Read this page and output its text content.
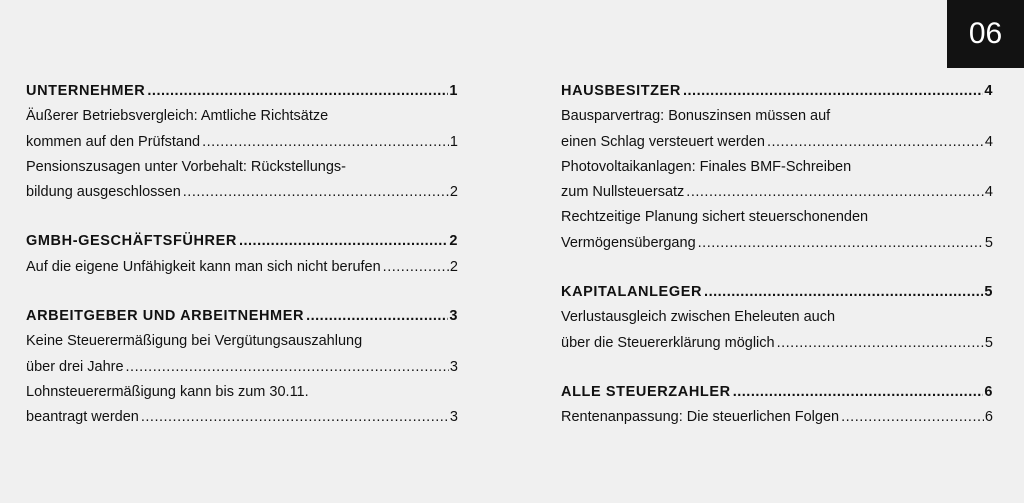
06
UNTERNEHMER .....	1
Äußerer Betriebsvergleich: Amtliche Richtsätze
kommen auf den Prüfstand .....	1
Pensionszusagen unter Vorbehalt: Rückstellungs-
bildung ausgeschlossen .....	2
GMBH-GESCHÄFTSFÜHRER .....	2
Auf die eigene Unfähigkeit kann man sich nicht berufen .....	2
ARBEITGEBER UND ARBEITNEHMER .....	3
Keine Steuerermäßigung bei Vergütungsauszahlung
über drei Jahre .....	3
Lohnsteuerermäßigung kann bis zum 30.11.
beantragt werden .....	3
HAUSBESITZER .....	4
Bausparvertrag: Bonuszinsen müssen auf
einen Schlag versteuert werden .....	4
Photovoltaikanlagen: Finales BMF-Schreiben
zum Nullsteuersatz .....	4
Rechtzeitige Planung sichert steuerschonenden
Vermögensübergang .....	5
KAPITALANLEGER .....	5
Verlustausgleich zwischen Eheleuten auch
über die Steuererklärung möglich .....	5
ALLE STEUERZAHLER .....	6
Rentenanpassung: Die steuerlichen Folgen .....	6
